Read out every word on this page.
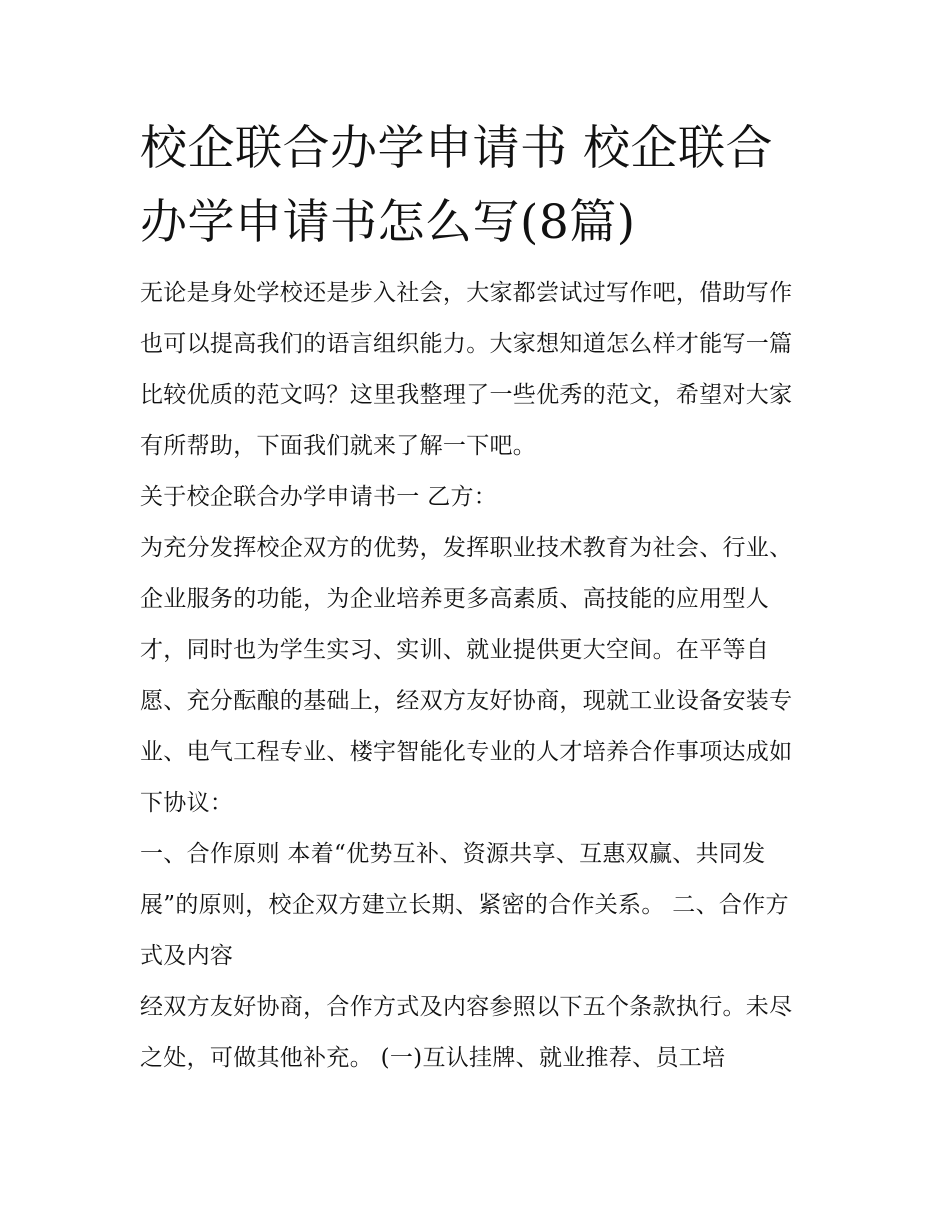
校企联合办学申请书 校企联合办学申请书怎么写(8篇)

无论是身处学校还是步入社会，大家都尝试过写作吧，借助写作也可以提高我们的语言组织能力。大家想知道怎么样才能写一篇比较优质的范文吗？这里我整理了一些优秀的范文，希望对大家有所帮助，下面我们就来了解一下吧。

关于校企联合办学申请书一 乙方：

为充分发挥校企双方的优势，发挥职业技术教育为社会、行业、企业服务的功能，为企业培养更多高素质、高技能的应用型人才，同时也为学生实习、实训、就业提供更大空间。在平等自愿、充分酝酿的基础上，经双方友好协商，现就工业设备安装专业、电气工程专业、楼宇智能化专业的人才培养合作事项达成如下协议：

一、合作原则 本着“优势互补、资源共享、互惠双赢、共同发展”的原则，校企双方建立长期、紧密的合作关系。 二、合作方式及内容

经双方友好协商，合作方式及内容参照以下五个条款执行。未尽之处，可做其他补充。 (一)互认挂牌、就业推荐、员工培
